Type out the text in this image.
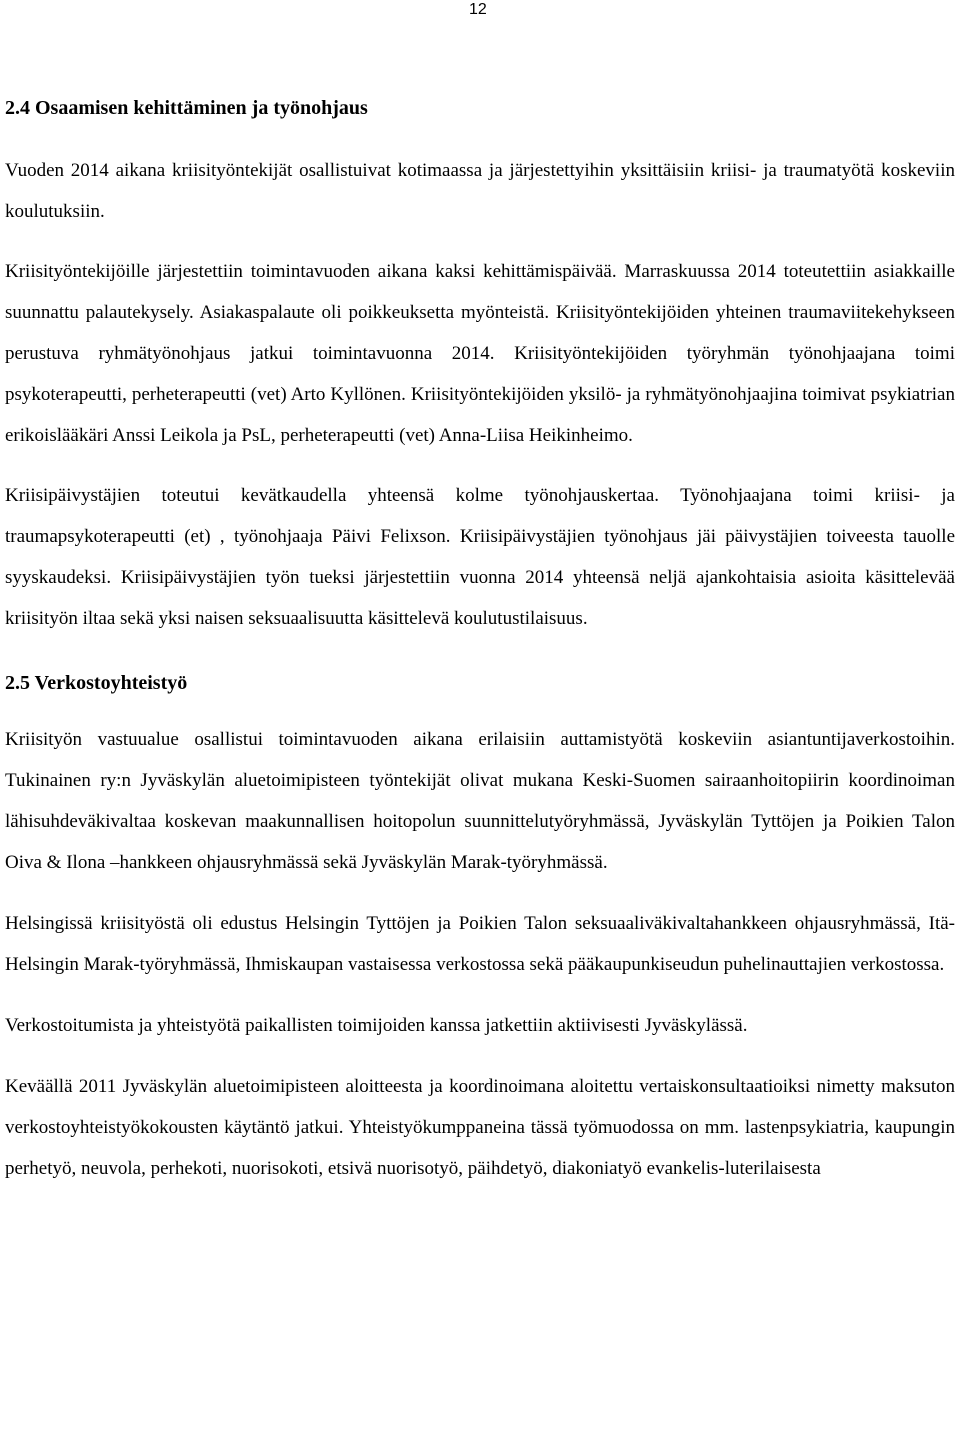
12
2.4 Osaamisen kehittäminen ja työnohjaus

Vuoden 2014 aikana kriisityöntekijät osallistuivat kotimaassa ja järjestettyihin yksittäisiin kriisi- ja traumatyötä koskeviin koulutuksiin.

Kriisityöntekijöille järjestettiin toimintavuoden aikana kaksi kehittämispäivää. Marraskuussa 2014 toteutettiin asiakkaille suunnattu palautekysely. Asiakaspalaute oli poikkeuksetta myönteistä. Kriisityöntekijöiden yhteinen traumaviitekehykseen perustuva ryhmätyönohjaus jatkui toimintavuonna 2014. Kriisityöntekijöiden työryhmän työnohjaajana toimi psykoterapeutti, perheterapeutti (vet) Arto Kyllönen. Kriisityöntekijöiden yksilö- ja ryhmätyönohjaajina toimivat psykiatrian erikoislääkäri Anssi Leikola ja PsL, perheterapeutti (vet) Anna-Liisa Heikinheimo.

Kriisipäivystäjien toteutui kevätkaudella yhteensä kolme työnohjauskertaa. Työnohjaajana toimi kriisi- ja traumapsykoterapeutti (et) , työnohjaaja Päivi Felixson. Kriisipäivystäjien työnohjaus jäi päivystäjien toiveesta tauolle syyskaudeksi. Kriisipäivystäjien työn tueksi järjestettiin vuonna 2014 yhteensä neljä ajankohtaisia asioita käsittelevää kriisityön iltaa sekä yksi naisen seksuaalisuutta käsittelevä koulutustilaisuus.

2.5 Verkostoyhteistyö

Kriisityön vastuualue osallistui toimintavuoden aikana erilaisiin auttamistyötä koskeviin asiantuntijaverkostoihin. Tukinainen ry:n Jyväskylän aluetoimipisteen työntekijät olivat mukana Keski-Suomen sairaanhoitopiirin koordinoiman lähisuhdeväkivaltaa koskevan maakunnallisen hoitopolun suunnittelutyöryhmässä, Jyväskylän Tyttöjen ja Poikien Talon Oiva & Ilona –hankkeen ohjausryhmässä sekä Jyväskylän Marak-työryhmässä.

Helsingissä kriisityöstä oli edustus Helsingin Tyttöjen ja Poikien Talon seksuaaliväkivaltahankkeen ohjausryhmässä, Itä-Helsingin Marak-työryhmässä, Ihmiskaupan vastaisessa verkostossa sekä pääkaupunkiseudun puhelinauttajien verkostossa.

Verkostoitumista ja yhteistyötä paikallisten toimijoiden kanssa jatkettiin aktiivisesti Jyväskylässä.

Keväällä 2011 Jyväskylän aluetoimipisteen aloitteesta ja koordinoimana aloitettu vertaiskonsultaatioiksi nimetty maksuton verkostoyhteistyökokousten käytäntö jatkui. Yhteistyökumppaneina tässä työmuodossa on mm. lastenpsykiatria, kaupungin perhetyö, neuvola, perhekoti, nuorisokoti, etsivä nuorisotyö, päihdetyö, diakoniatyö evankelis-luterilaisesta
